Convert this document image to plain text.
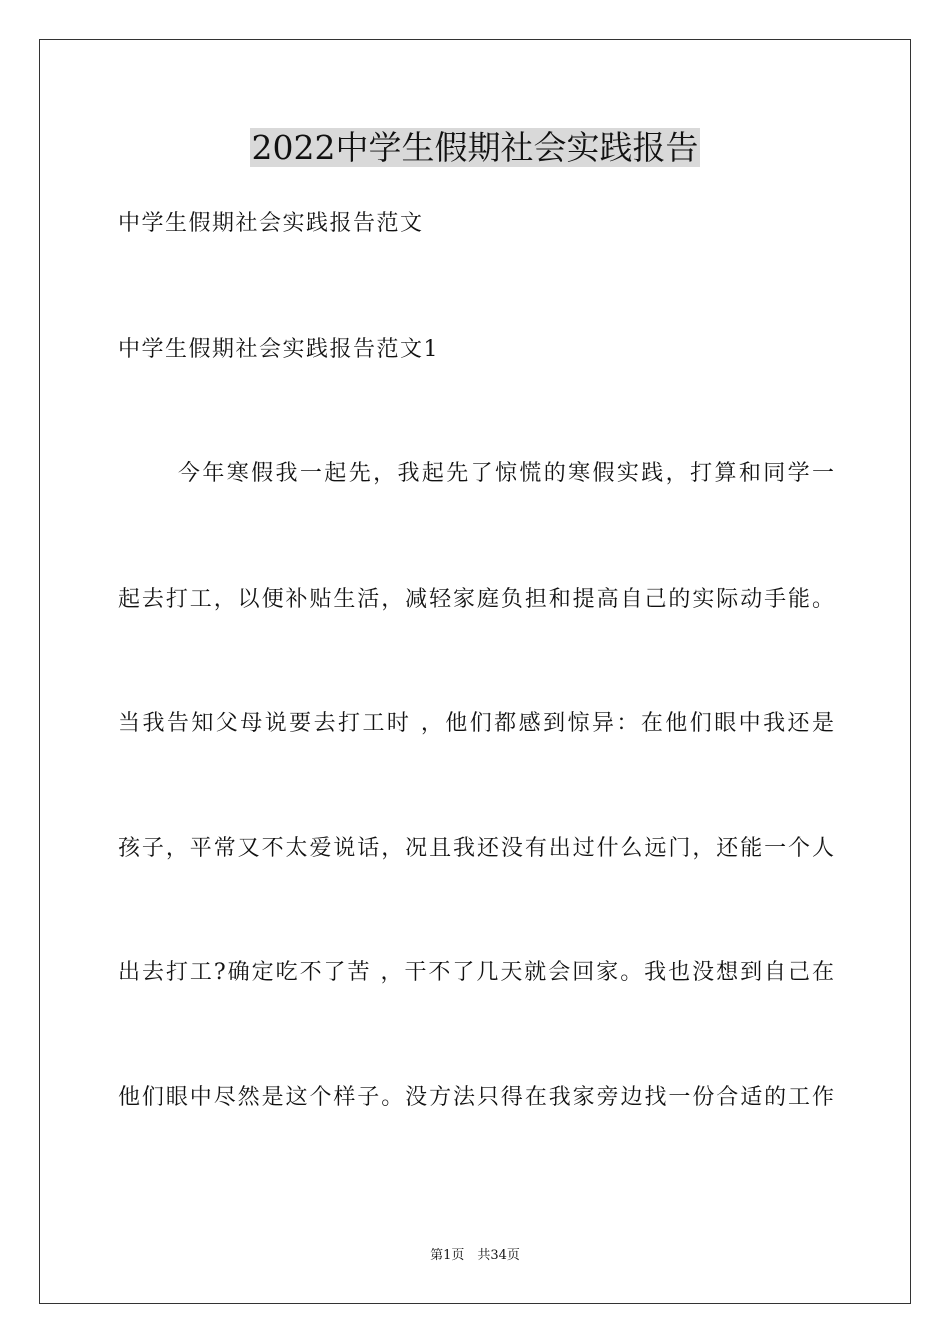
2022中学生假期社会实践报告
中学生假期社会实践报告范文
中学生假期社会实践报告范文1
今年寒假我一起先，我起先了惊慌的寒假实践，打算和同学一
起去打工，以便补贴生活，减轻家庭负担和提高自己的实际动手能。
当我告知父母说要去打工时 ，他们都感到惊异：在他们眼中我还是
孩子，平常又不太爱说话，况且我还没有出过什么远门，还能一个人
出去打工?确定吃不了苦 ，干不了几天就会回家。我也没想到自己在
他们眼中尽然是这个样子。没方法只得在我家旁边找一份合适的工作
第1页　共34页
